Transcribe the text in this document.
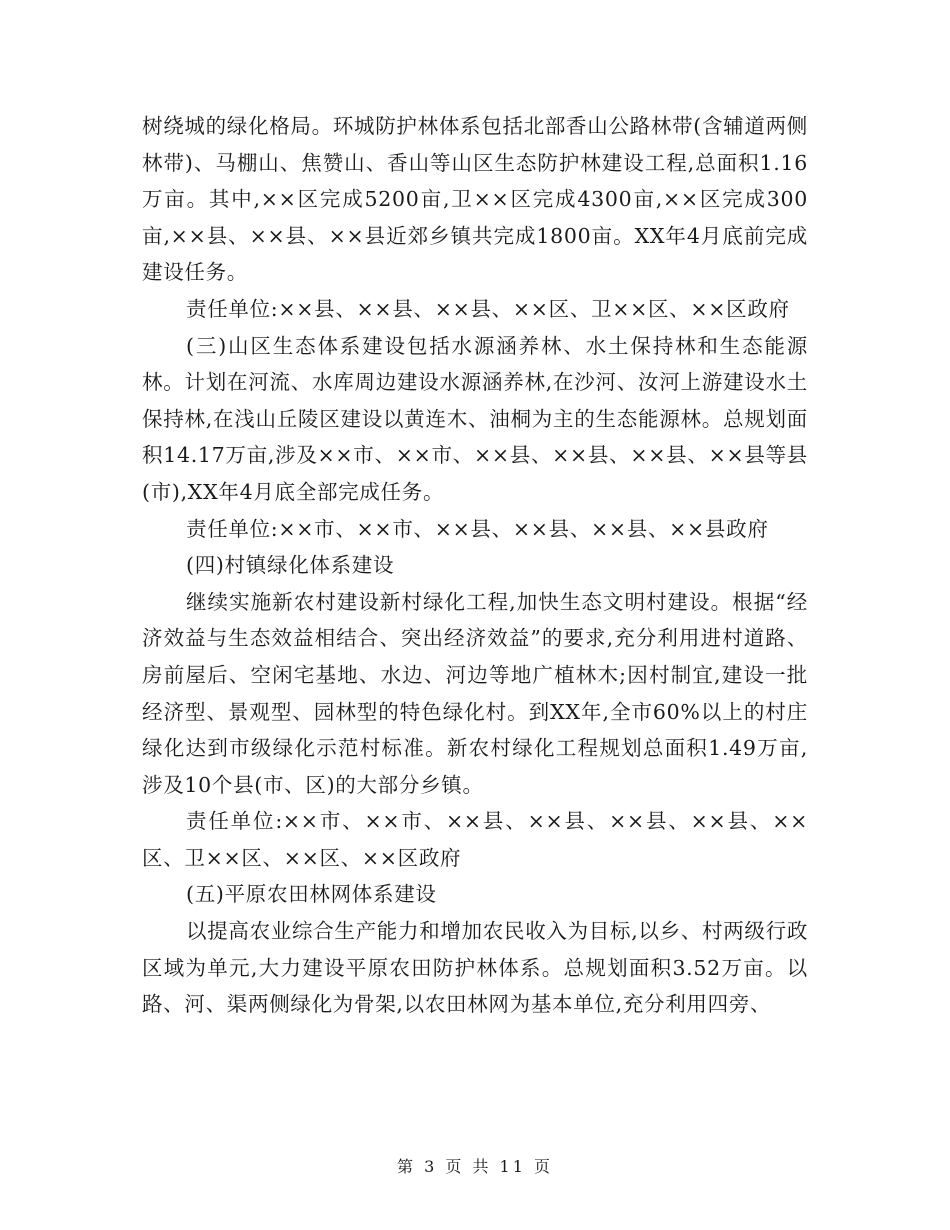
树绕城的绿化格局。环城防护林体系包括北部香山公路林带(含辅道两侧林带)、马棚山、焦赞山、香山等山区生态防护林建设工程,总面积1.16万亩。其中,××区完成5200亩,卫××区完成4300亩,××区完成300亩,××县、××县、××县近郊乡镇共完成1800亩。XX年4月底前完成建设任务。

责任单位:××县、××县、××县、××区、卫××区、××区政府

(三)山区生态体系建设包括水源涵养林、水土保持林和生态能源林。计划在河流、水库周边建设水源涵养林,在沙河、汝河上游建设水土保持林,在浅山丘陵区建设以黄连木、油桐为主的生态能源林。总规划面积14.17万亩,涉及××市、××市、××县、××县、××县、××县等县(市),XX年4月底全部完成任务。

责任单位:××市、××市、××县、××县、××县、××县政府

(四)村镇绿化体系建设

继续实施新农村建设新村绿化工程,加快生态文明村建设。根据“经济效益与生态效益相结合、突出经济效益”的要求,充分利用进村道路、房前屋后、空闲宅基地、水边、河边等地广植林木;因村制宜,建设一批经济型、景观型、园林型的特色绿化村。到XX年,全市60%以上的村庄绿化达到市级绿化示范村标准。新农村绿化工程规划总面积1.49万亩,涉及10个县(市、区)的大部分乡镇。

责任单位:××市、××市、××县、××县、××县、××县、××区、卫××区、××区、××区政府

(五)平原农田林网体系建设

以提高农业综合生产能力和增加农民收入为目标,以乡、村两级行政区域为单元,大力建设平原农田防护林体系。总规划面积3.52万亩。以路、河、渠两侧绿化为骨架,以农田林网为基本单位,充分利用四旁、

第 3 页 共 11 页
